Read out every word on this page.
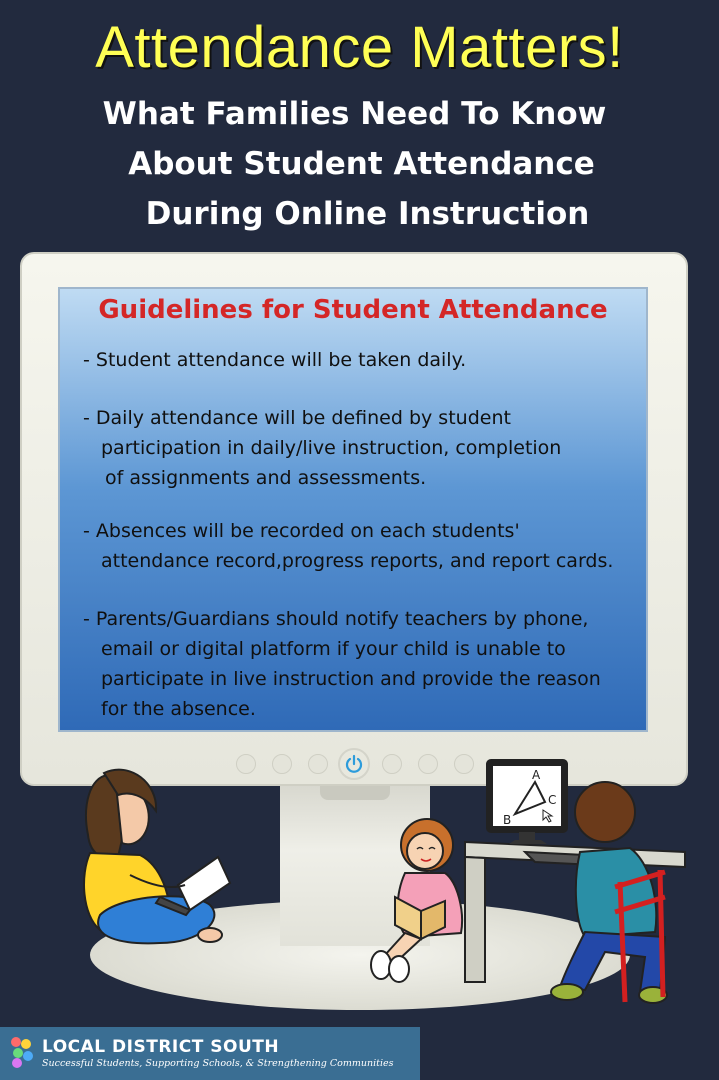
Attendance Matters!
What Families Need To Know
About Student Attendance
During Online Instruction
Guidelines for Student Attendance
- Student attendance will be taken daily.
- Daily attendance will be defined by student
participation in daily/live instruction, completion
of assignments and assessments.
- Absences will be recorded on each students'
attendance record,progress reports, and report cards.
- Parents/Guardians should notify teachers by phone,
email or digital platform if your child is unable to
participate in live instruction and provide the reason
for the absence.
A
B
C
LOCAL DISTRICT SOUTH
Successful Students, Supporting Schools, & Strengthening Communities
